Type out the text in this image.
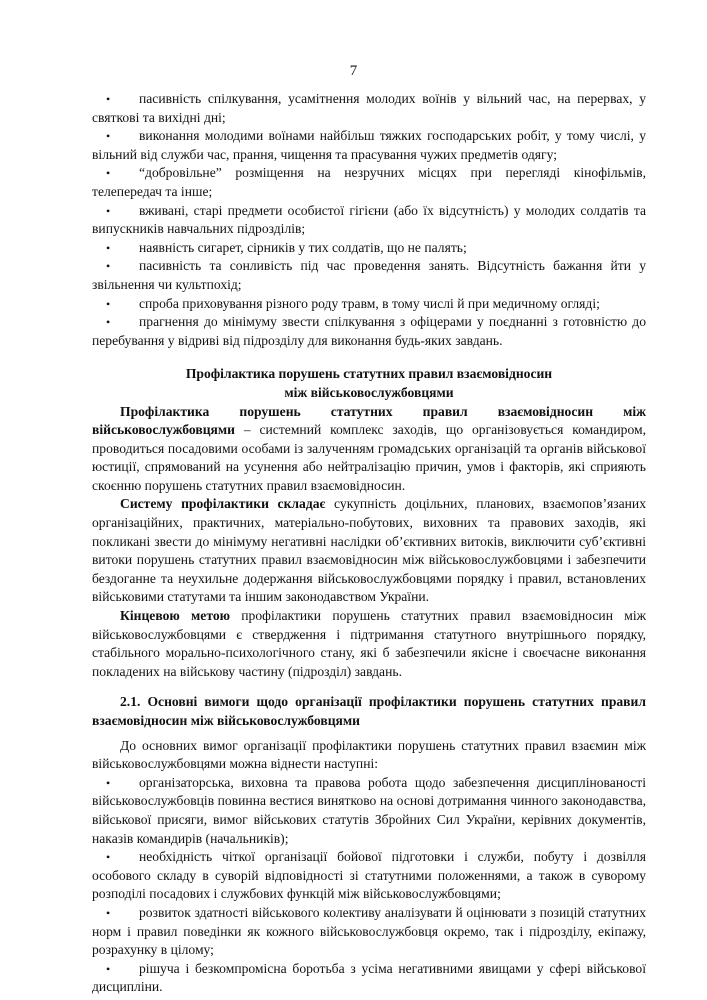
7

•	пасивність спілкування, усамітнення молодих воїнів у вільний час, на перервах, у святкові та вихідні дні;

•	виконання молодими воїнами найбільш тяжких господарських робіт, у тому числі, у вільний від служби час, прання, чищення та прасування чужих предметів одягу;

•	“добровільне” розміщення на незручних місцях при перегляді кінофільмів, телепередач та інше;

•	вживані, старі предмети особистої гігієни (або їх відсутність) у молодих солдатів та випускників навчальних підрозділів;

•	наявність сигарет, сірників у тих солдатів, що не палять;

•	пасивність та сонливість під час проведення занять. Відсутність бажання йти у звільнення чи культпохід;

•	спроба приховування різного роду травм, в тому числі й при медичному огляді;

•	прагнення до мінімуму звести спілкування з офіцерами у поєднанні з готовністю до перебування у відриві від підрозділу для виконання будь-яких завдань.

Профілактика порушень статутних правил взаємовідносин
між військовослужбовцями

Профілактика порушень статутних правил взаємовідносин між військовослужбовцями – системний комплекс заходів, що організовується командиром, проводиться посадовими особами із залученням громадських організацій та органів військової юстиції, спрямований на усунення або нейтралізацію причин, умов і факторів, які сприяють скоєнню порушень статутних правил взаємовідносин.

Систему профілактики складає сукупність доцільних, планових, взаємопов’язаних організаційних, практичних, матеріально-побутових, виховних та правових заходів, які покликані звести до мінімуму негативні наслідки об’єктивних витоків, виключити суб’єктивні витоки порушень статутних правил взаємовідносин між військовослужбовцями і забезпечити бездоганне та неухильне додержання військовослужбовцями порядку і правил, встановлених військовими статутами та іншим законодавством України.

Кінцевою метою профілактики порушень статутних правил взаємовідносин між військовослужбовцями є ствердження і підтримання статутного внутрішнього порядку, стабільного морально-психологічного стану, які б забезпечили якісне і своєчасне виконання покладених на військову частину (підрозділ) завдань.

2.1. Основні вимоги щодо організації профілактики порушень статутних правил взаємовідносин між військовослужбовцями

До основних вимог організації профілактики порушень статутних правил взаємин між військовослужбовцями можна віднести наступні:

•	організаторська, виховна та правова робота щодо забезпечення дисциплінованості військовослужбовців повинна вестися винятково на основі дотримання чинного законодавства, військової присяги, вимог військових статутів Збройних Сил України, керівних документів, наказів командирів (начальників);

•	необхідність чіткої організації бойової підготовки і служби, побуту і дозвілля особового складу в суворій відповідності зі статутними положеннями, а також в суворому розподілі посадових і службових функцій між військовослужбовцями;

•	розвиток здатності військового колективу аналізувати й оцінювати з позицій статутних норм і правил поведінки як кожного військовослужбовця окремо, так і підрозділу, екіпажу, розрахунку в цілому;

•	рішуча і безкомпромісна боротьба з усіма негативними явищами у сфері військової дисципліни.
